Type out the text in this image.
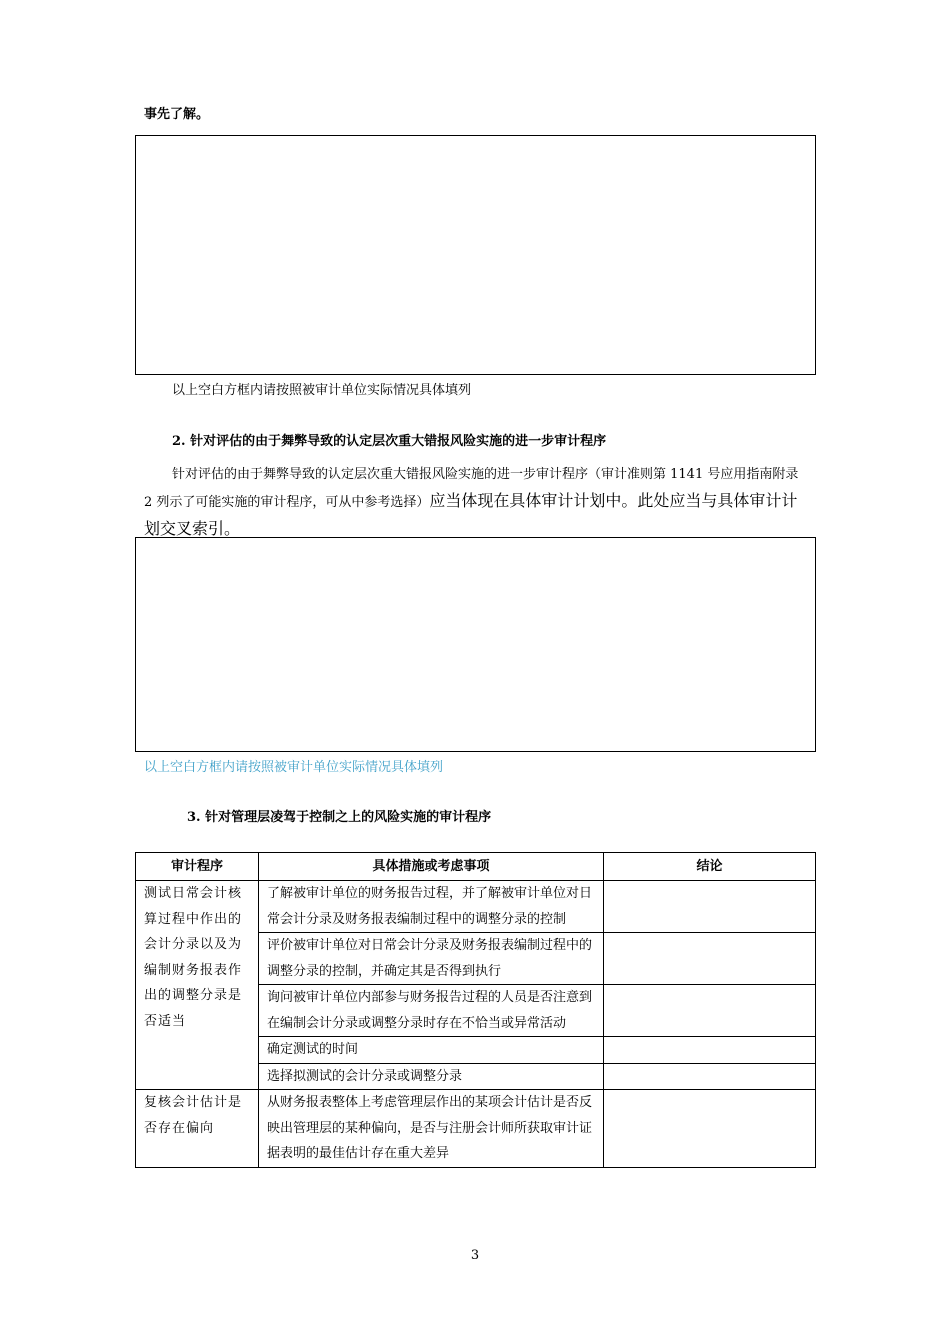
事先了解。
以上空白方框内请按照被审计单位实际情况具体填列
2. 针对评估的由于舞弊导致的认定层次重大错报风险实施的进一步审计程序
针对评估的由于舞弊导致的认定层次重大错报风险实施的进一步审计程序（审计准则第 1141 号应用指南附录 2 列示了可能实施的审计程序，可从中参考选择）应当体现在具体审计计划中。此处应当与具体审计计划交叉索引。
以上空白方框内请按照被审计单位实际情况具体填列
3. 针对管理层凌驾于控制之上的风险实施的审计程序
审计程序	具体措施或考虑事项	结论
测试日常会计核算过程中作出的会计分录以及为编制财务报表作出的调整分录是否适当	了解被审计单位的财务报告过程，并了解被审计单位对日常会计分录及财务报表编制过程中的调整分录的控制	
	评价被审计单位对日常会计分录及财务报表编制过程中的调整分录的控制，并确定其是否得到执行	
	询问被审计单位内部参与财务报告过程的人员是否注意到在编制会计分录或调整分录时存在不恰当或异常活动	
	确定测试的时间	
	选择拟测试的会计分录或调整分录	
复核会计估计是否存在偏向	从财务报表整体上考虑管理层作出的某项会计估计是否反映出管理层的某种偏向，是否与注册会计师所获取审计证据表明的最佳估计存在重大差异	
3
